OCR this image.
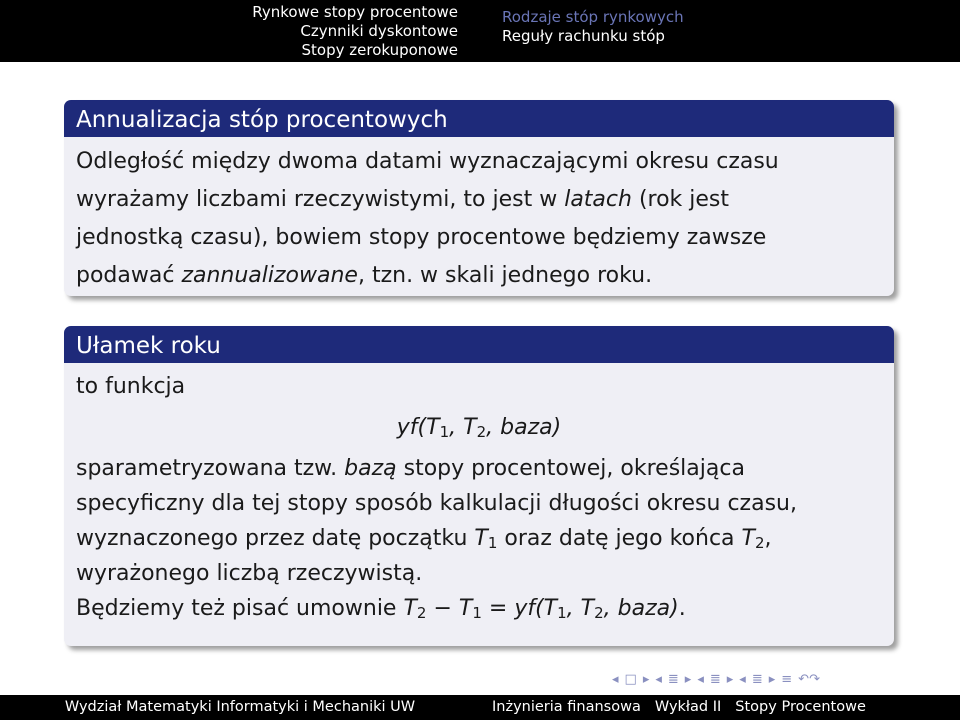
Rynkowe stopy procentowe
Czynniki dyskontowe
Stopy zerokuponowe
Rodzaje stóp rynkowych
Reguły rachunku stóp
Annualizacja stóp procentowych
Odległość między dwoma datami wyznaczającymi okresu czasu
wyrażamy liczbami rzeczywistymi, to jest w latach (rok jest
jednostką czasu), bowiem stopy procentowe będziemy zawsze
podawać zannualizowane, tzn. w skali jednego roku.
Ułamek roku
to funkcja
$yf(T_1$, $T_2$, baza)
sparametryzowana tzw. bazą stopy procentowej, określająca
specyficzny dla tej stopy sposób kalkulacji długości okresu czasu,
wyznaczonego przez datę początku $T_1$ oraz datę jego końca $T_2$,
wyrażonego liczbą rzeczywistą.
Będziemy też pisać umownie $T_2 - T_1 = yf(T_1$, $T_2$, baza).
◂ □ ▸ ◂ ≣ ▸ ◂ ≣ ▸ ◂ ≣ ▸ ≡ ↶↷
Wydział Matematyki Informatyki i Mechaniki UW	Inżynieria finansowa Wykład II Stopy Procentowe
